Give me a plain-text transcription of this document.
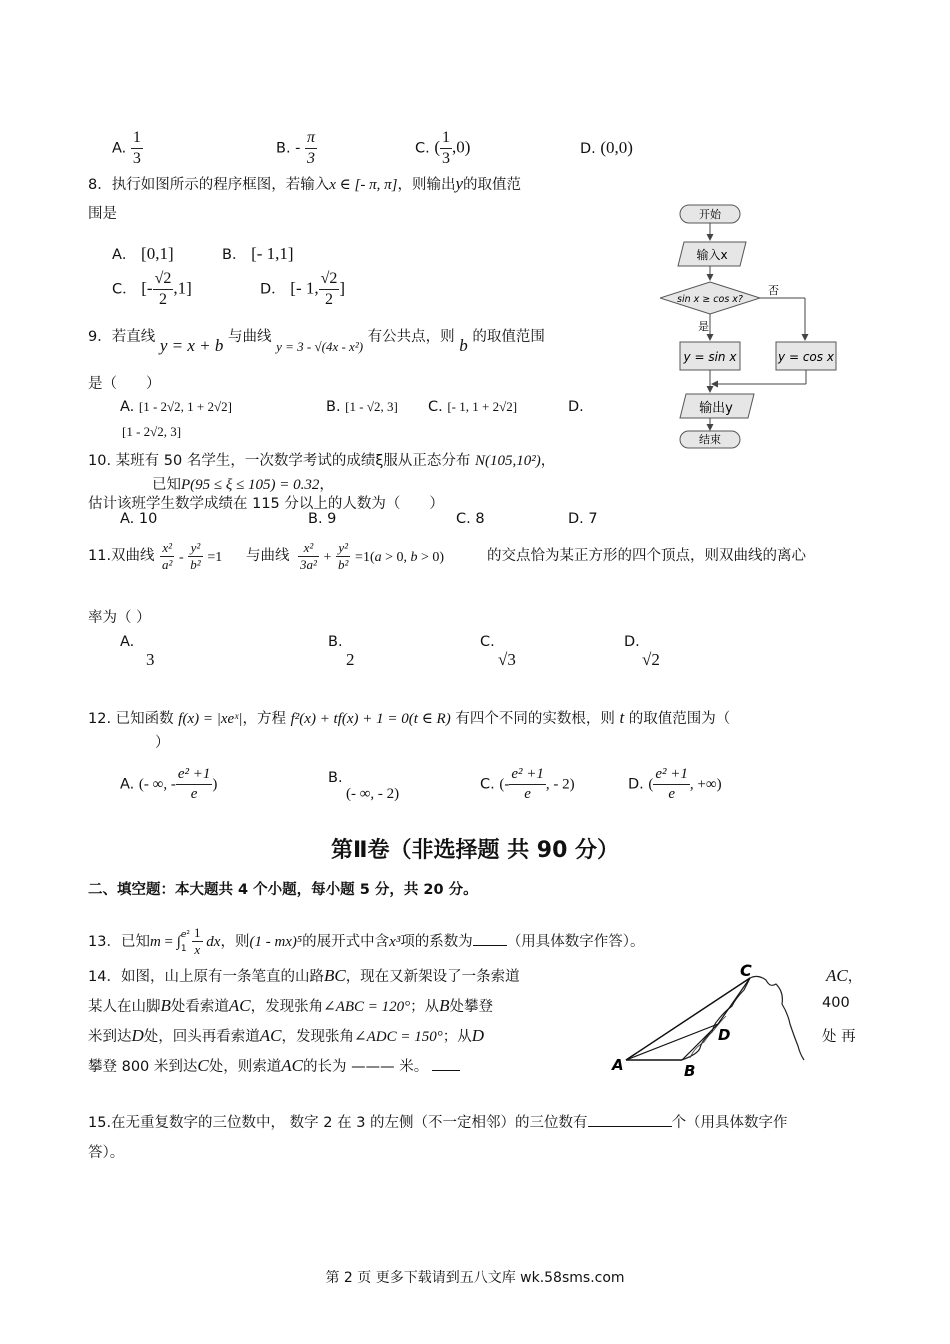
A. $\frac{1}{3}$	B. - $\frac{\pi}{3}$	C. ( $\frac{1}{3} ,0$)	D. (0,0)
8．执行如图所示的程序框图，若输入x ∈ [- π, π]，则输出y的取值范
围是
A． [0,1]	B． [- 1,1]
C． [- $\frac{√2}{2} ,1$]	D． [- 1, $\frac{√2}{2}$ ]
9．若直线 y = x + b 与曲线 y = 3 - √(4x - x²) 有公共点，则 b 的取值范围
是（　　）
A. [1 - 2√2, 1 + 2√2]	B. [1 - √2, 3] C. [- 1, 1 + 2√2]	D.
[1 - 2√2, 3]
10. 某班有 50 名学生，一次数学考试的成绩ξ服从正态分布 N(105,10²)，
已知P(95 ≤ ξ ≤ 105) = 0.32，
估计该班学生数学成绩在 115 分以上的人数为（　　）
A. 10	B. 9	C. 8	D. 7
11.双曲线 $\frac{\text{x²}}{\text{a²}} - \frac{\text{y²}}{\text{b²}} =1$ 与曲线 $\frac{\text{x²}}{\text{3a²}} + \frac{\text{y²}}{\text{b²}} =1(a > 0$, b > 0)	的交点恰为某正方形的四个顶点，则双曲线的离心
率为（ ）
A.
3
B.
2
C.
√3
D.
√2
12. 已知函数 f(x) = |xeˣ|，方程 f²(x) + tf(x) + 1 = 0(t ∈ R) 有四个不同的实数根，则 t 的取值范围为（
）
A. (- ∞, - $\frac{\text{e² +1}}{e}$ )	B.
(- ∞, - 2)
C. (- $\frac{\text{e² +1}}{e}$ , - 2)	D. ( $\frac{\text{e² +1}}{e}$ , +∞)
第Ⅱ卷（非选择题 共 90 分）
二、填空题：本大题共 4 个小题，每小题 5 分，共 20 分。
13．已知m = ∫e²
$1 \frac{1}{x}$ dx，则(1 - mx)⁵的展开式中含x³项的系数为 （用具体数字作答）。
14．如图，山上原有一条笔直的山路BC，现在又新架设了一条索道	AC，
某人在山脚B处看索道AC，发现张角∠ABC = 120°；从B处攀登	400
米到达D处，回头再看索道AC，发现张角∠ADC = 150°；从D	处 再
攀登 800 米到达C处，则索道AC的长为 ——— 米。	A	B
C
D
15.在无重复数字的三位数中， 数字 2 在 3 的左侧（不一定相邻）的三位数有	个（用具体数字作
答）。
开始
输入x
sin x ≥ cos x?
否
是
y = sin x	y = cos x
输出y
结束
第 2 页 更多下载请到五八文库 wk.58sms.com
